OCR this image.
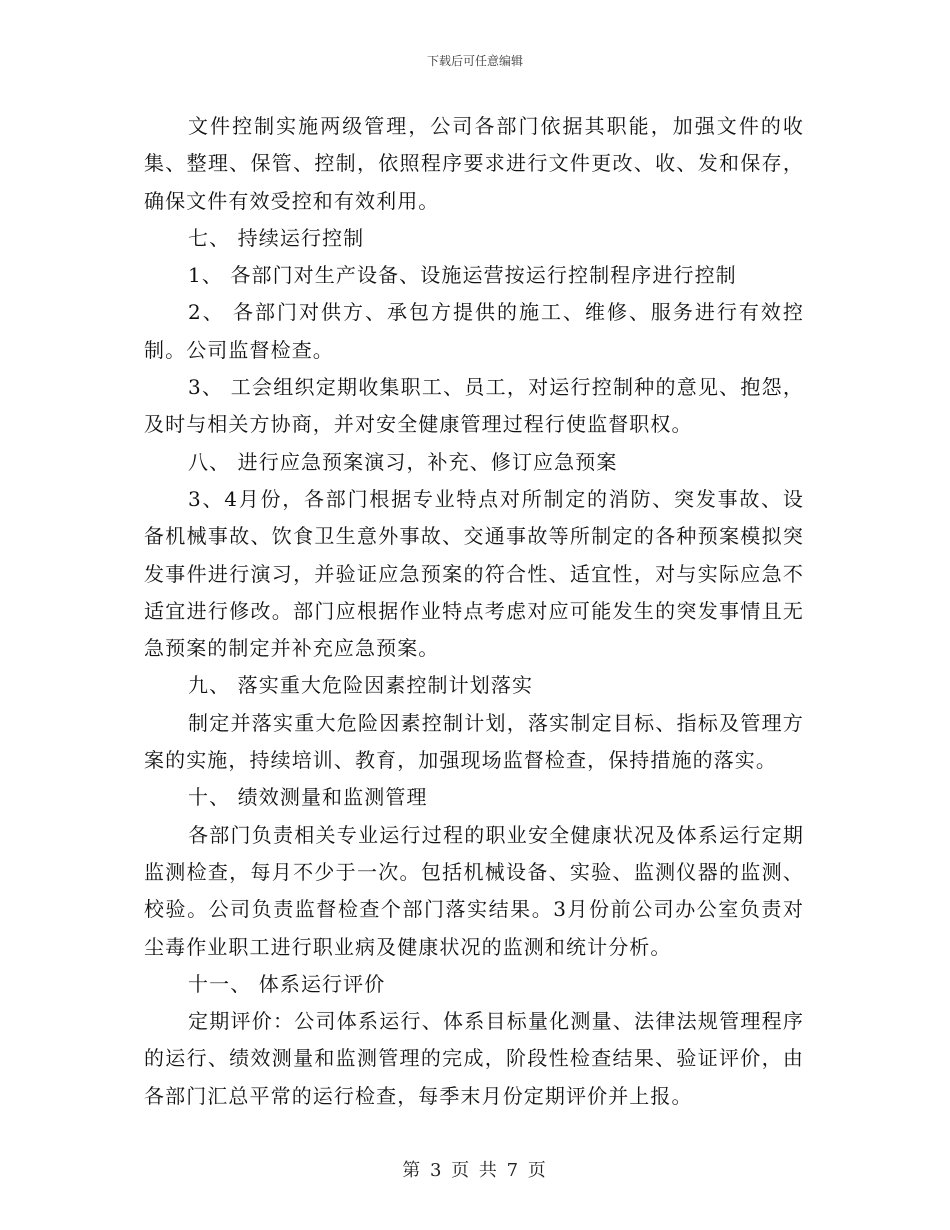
下载后可任意编辑

文件控制实施两级管理，公司各部门依据其职能，加强文件的收集、整理、保管、控制，依照程序要求进行文件更改、收、发和保存，确保文件有效受控和有效利用。

七、 持续运行控制

1、 各部门对生产设备、设施运营按运行控制程序进行控制

2、 各部门对供方、承包方提供的施工、维修、服务进行有效控制。公司监督检查。

3、 工会组织定期收集职工、员工，对运行控制种的意见、抱怨，及时与相关方协商，并对安全健康管理过程行使监督职权。

八、 进行应急预案演习，补充、修订应急预案

3、4月份，各部门根据专业特点对所制定的消防、突发事故、设备机械事故、饮食卫生意外事故、交通事故等所制定的各种预案模拟突发事件进行演习，并验证应急预案的符合性、适宜性，对与实际应急不适宜进行修改。部门应根据作业特点考虑对应可能发生的突发事情且无急预案的制定并补充应急预案。

九、 落实重大危险因素控制计划落实

制定并落实重大危险因素控制计划，落实制定目标、指标及管理方案的实施，持续培训、教育，加强现场监督检查，保持措施的落实。

十、 绩效测量和监测管理

各部门负责相关专业运行过程的职业安全健康状况及体系运行定期监测检查，每月不少于一次。包括机械设备、实验、监测仪器的监测、校验。公司负责监督检查个部门落实结果。3月份前公司办公室负责对尘毒作业职工进行职业病及健康状况的监测和统计分析。

十一、 体系运行评价

定期评价：公司体系运行、体系目标量化测量、法律法规管理程序的运行、绩效测量和监测管理的完成，阶段性检查结果、验证评价，由各部门汇总平常的运行检查，每季末月份定期评价并上报。

第 3 页 共 7 页
